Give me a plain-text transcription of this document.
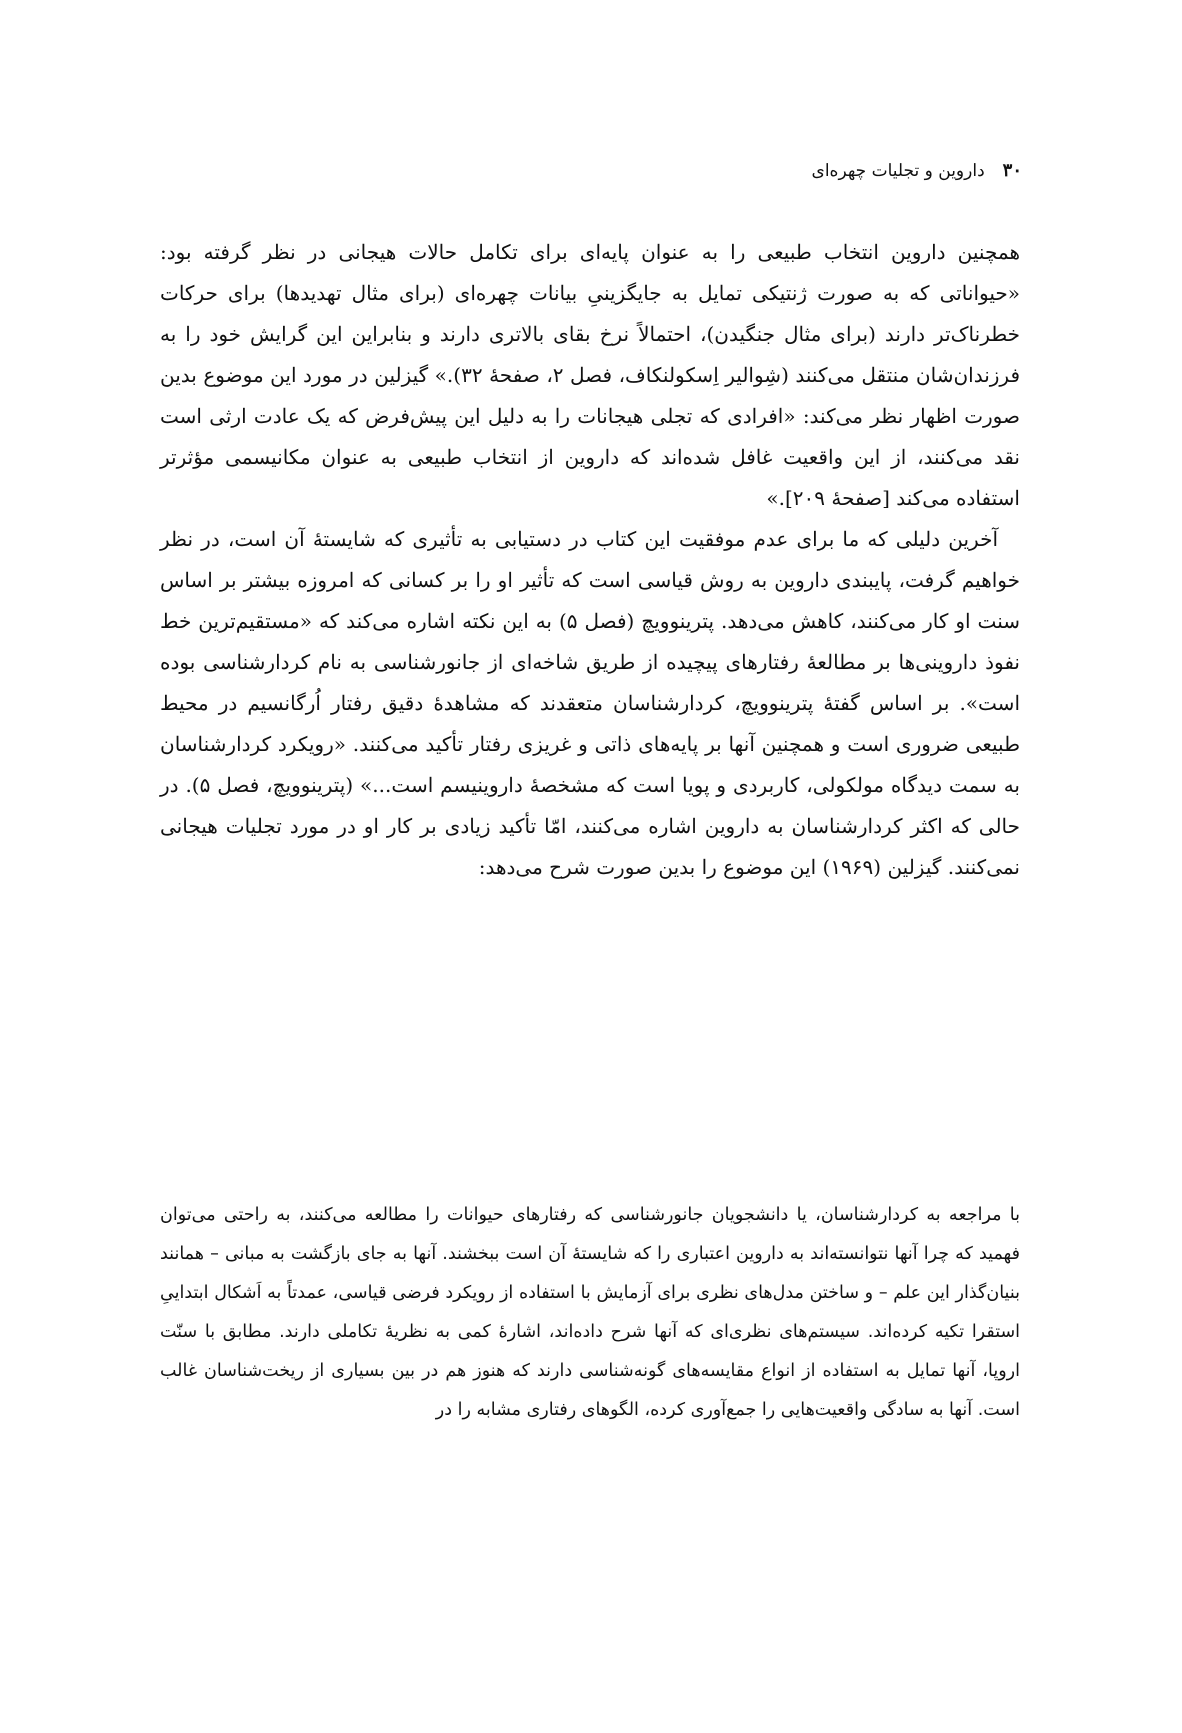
۳۰
داروین و تجلیات چهره‌ای

همچنین داروین انتخاب طبیعی را به عنوان پایه‌ای برای تکامل حالات هیجانی در نظر گرفته بود: «حیواناتی که به صورت ژنتیکی تمایل به جایگزینیِ بیانات چهره‌ای (برای مثال تهدیدها) برای حرکات خطرناک‌تر دارند (برای مثال جنگیدن)، احتمالاً نرخ بقای بالاتری دارند و بنابراین این گرایش خود را به فرزندان‌شان منتقل می‌کنند (شِوالیر اِسکولنکاف، فصل ۲، صفحهٔ ۳۲).» گیزلین در مورد این موضوع بدین صورت اظهار نظر می‌کند: «افرادی که تجلی هیجانات را به دلیل این پیش‌فرض که یک عادت ارثی است نقد می‌کنند، از این واقعیت غافل شده‌اند که داروین از انتخاب طبیعی به عنوان مکانیسمی مؤثرتر استفاده می‌کند [صفحهٔ ۲۰۹].»

آخرین دلیلی که ما برای عدم موفقیت این کتاب در دستیابی به تأثیری که شایستهٔ آن است، در نظر خواهیم گرفت، پایبندی داروین به روش قیاسی است که تأثیر او را بر کسانی که امروزه بیشتر بر اساس سنت او کار می‌کنند، کاهش می‌دهد. پترینوویچ (فصل ۵) به این نکته اشاره می‌کند که «مستقیم‌ترین خط نفوذ داروینی‌ها بر مطالعهٔ رفتارهای پیچیده از طریق شاخه‌ای از جانورشناسی به نام کردارشناسی بوده است». بر اساس گفتهٔ پترینوویچ، کردارشناسان متعقدند که مشاهدهٔ دقیق رفتار اُرگانسیم در محیط طبیعی ضروری است و همچنین آنها بر پایه‌های ذاتی و غریزی رفتار تأکید می‌کنند. «رویکرد کردارشناسان به سمت دیدگاه مولکولی، کاربردی و پویا است که مشخصهٔ داروینیسم است...» (پترینوویچ، فصل ۵). در حالی که اکثر کردارشناسان به داروین اشاره می‌کنند، امّا تأکید زیادی بر کار او در مورد تجلیات هیجانی نمی‌کنند. گیزلین (۱۹۶۹) این موضوع را بدین صورت شرح می‌دهد:

با مراجعه به کردارشناسان، یا دانشجویان جانورشناسی که رفتارهای حیوانات را مطالعه می‌کنند، به راحتی می‌توان فهمید که چرا آنها نتوانسته‌اند به داروین اعتباری را که شایستهٔ آن است ببخشند. آنها به جای بازگشت به مبانی – همانند بنیان‌گذار این علم – و ساختن مدل‌های نظری برای آزمایش با استفاده از رویکرد فرضی قیاسی، عمدتاً به اَشکال ابتداییِ استقرا تکیه کرده‌اند. سیستم‌های نظری‌ای که آنها شرح داده‌اند، اشارهٔ کمی به نظریهٔ تکاملی دارند. مطابق با سنّت اروپا، آنها تمایل به استفاده از انواع مقایسه‌های گونه‌شناسی دارند که هنوز هم در بین بسیاری از ریخت‌شناسان غالب است. آنها به سادگی واقعیت‌هایی را جمع‌آوری کرده، الگوهای رفتاری مشابه را در
